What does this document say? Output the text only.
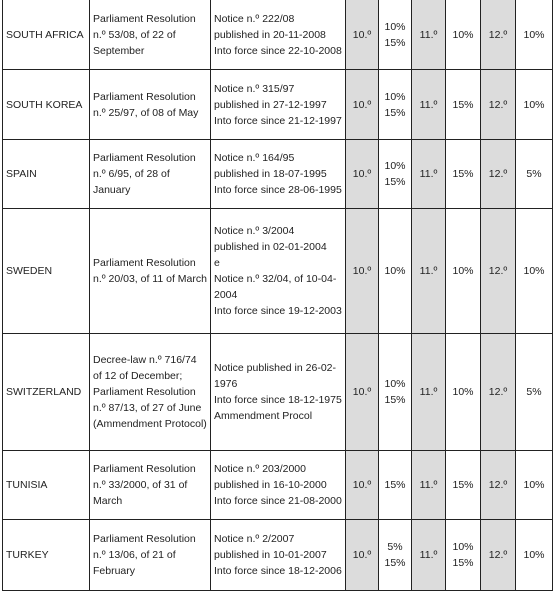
SOUTH AFRICA	Parliament Resolution n.º 53/08, of 22 of September	Notice n.º 222/08
published in 20-11-2008
Into force since 22-10-2008	10.º	10%
15%	11.º	10%	12.º	10%
SOUTH KOREA	Parliament Resolution n.º 25/97, of 08 of May	Notice n.º 315/97
published in 27-12-1997
Into force since 21-12-1997	10.º	10%
15%	11.º	15%	12.º	10%
SPAIN	Parliament Resolution n.º 6/95, of 28 of January	Notice n.º 164/95
published in 18-07-1995
Into force since 28-06-1995	10.º	10%
15%	11.º	15%	12.º	5%
SWEDEN	Parliament Resolution n.º 20/03, of 11 of March	Notice n.º 3/2004
published in 02-01-2004
e
Notice n.º 32/04, of 10-04-2004
Into force since 19-12-2003	10.º	10%	11.º	10%	12.º	10%
SWITZERLAND	Decree-law n.º 716/74 of 12 of December; Parliament Resolution n.º 87/13, of 27 of June (Ammendment Protocol)	Notice published in 26-02-1976
Into force since 18-12-1975
Ammendment Procol	10.º	10%
15%	11.º	10%	12.º	5%
TUNISIA	Parliament Resolution n.º 33/2000, of 31 of March	Notice n.º 203/2000
published in 16-10-2000
Into force since 21-08-2000	10.º	15%	11.º	15%	12.º	10%
TURKEY	Parliament Resolution n.º 13/06, of 21 of February	Notice n.º 2/2007
published in 10-01-2007
Into force since 18-12-2006	10.º	5%
15%	11.º	10%
15%	12.º	10%
